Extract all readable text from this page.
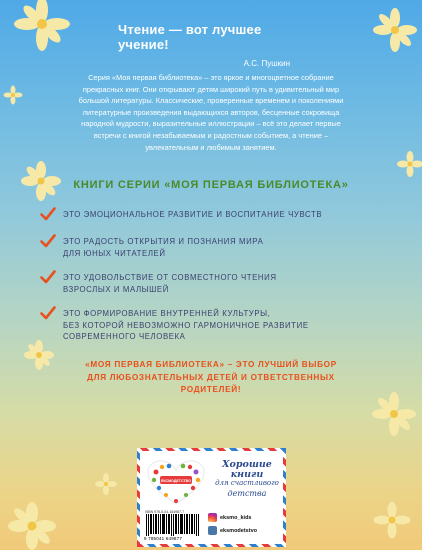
Чтение — вот лучшее учение!
А.С. Пушкин
Серия «Моя первая библиотека» – это яркое и многоцветное собрание
прекрасных книг. Они открывают детям широкий путь в удивительный мир
большой литературы. Классические, проверенные временем и поколениями
литературные произведения выдающихся авторов, бесценные сокровища
народной мудрости, выразительные иллюстрации – всё это делает первые
встречи с книгой незабываемым и радостным событием, а чтение –
увлекательным и любимым занятием.
КНИГИ СЕРИИ «МОЯ ПЕРВАЯ БИБЛИОТЕКА»
ЭТО ЭМОЦИОНАЛЬНОЕ РАЗВИТИЕ И ВОСПИТАНИЕ ЧУВСТВ
ЭТО РАДОСТЬ ОТКРЫТИЯ И ПОЗНАНИЯ МИРА
ДЛЯ ЮНЫХ ЧИТАТЕЛЕЙ
ЭТО УДОВОЛЬСТВИЕ ОТ СОВМЕСТНОГО ЧТЕНИЯ
ВЗРОСЛЫХ И МАЛЫШЕЙ
ЭТО ФОРМИРОВАНИЕ ВНУТРЕННЕЙ КУЛЬТУРЫ,
БЕЗ КОТОРОЙ НЕВОЗМОЖНО ГАРМОНИЧНОЕ РАЗВИТИЕ
СОВРЕМЕННОГО ЧЕЛОВЕКА
«МОЯ ПЕРВАЯ БИБЛИОТЕКА» – ЭТО ЛУЧШИЙ ВЫБОР
ДЛЯ ЛЮБОЗНАТЕЛЬНЫХ ДЕТЕЙ И ОТВЕТСТВЕННЫХ
РОДИТЕЛЕЙ!
ЕКСМОДЕТСТВО
Хорошие
книги
для счастливого
детства
ISBN 978-5-04-164987-7
9 785041 649877
eksmo_kids
eksmodetstvo
